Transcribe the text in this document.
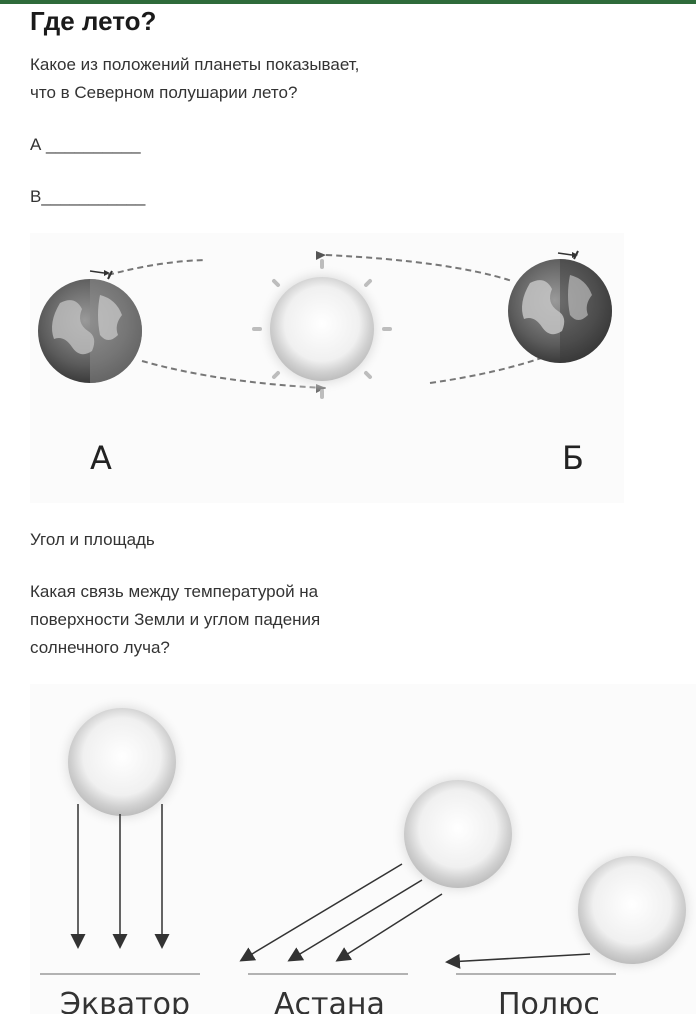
Где лето?
Какое из положений планеты показывает,
что в Северном полушарии лето?
А __________
В___________
А	Б
Угол и площадь
Какая связь между температурой на
поверхности Земли и углом падения
солнечного луча?
Экватор	Астана	Полюс
